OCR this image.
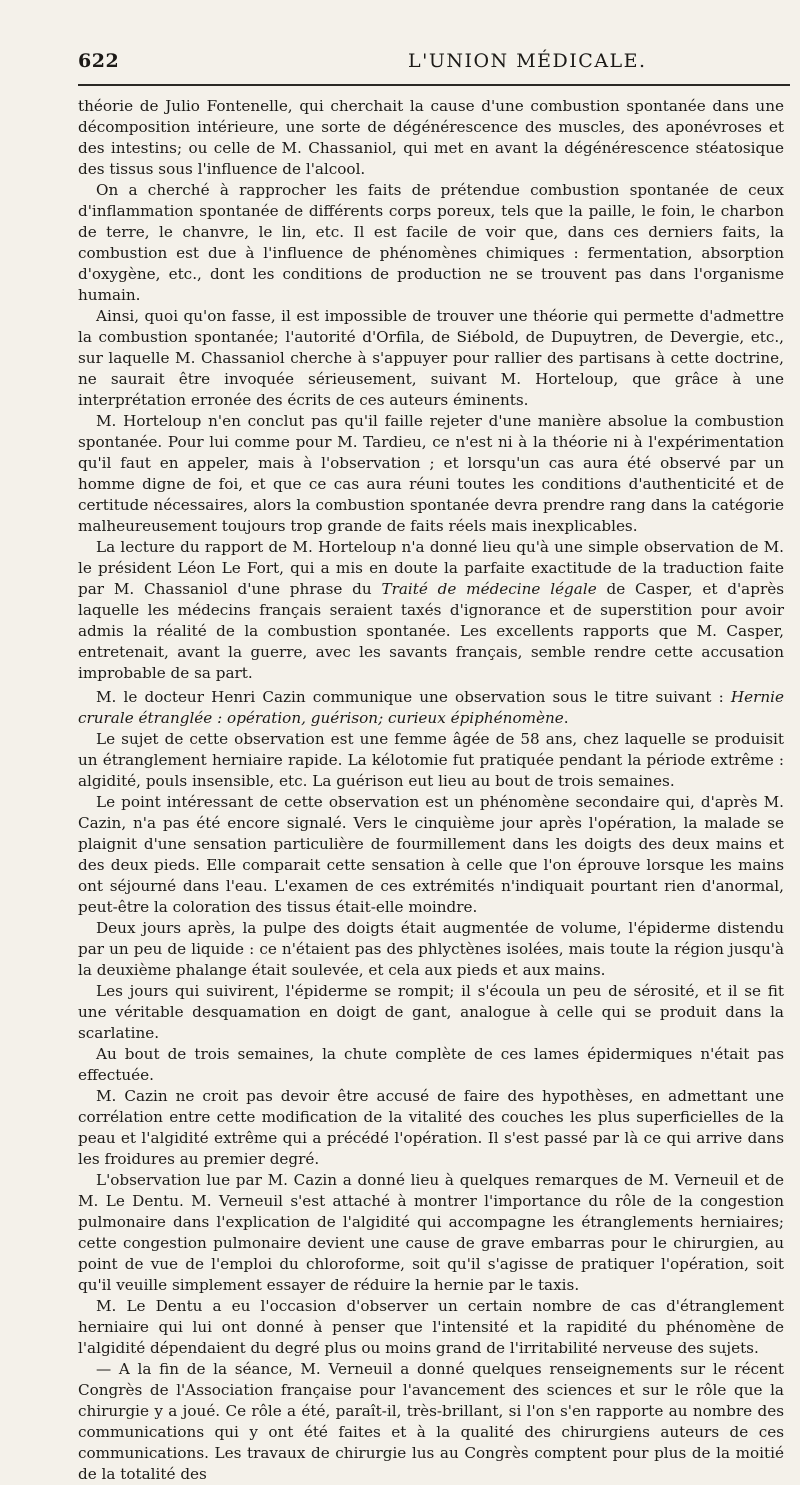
622	L'UNION MÉDICALE.

théorie de Julio Fontenelle, qui cherchait la cause d'une combustion spontanée dans une décomposition intérieure, une sorte de dégénérescence des muscles, des aponévroses et des intestins; ou celle de M. Chassaniol, qui met en avant la dégénérescence stéatosique des tissus sous l'influence de l'alcool.

On a cherché à rapprocher les faits de prétendue combustion spontanée de ceux d'inflammation spontanée de différents corps poreux, tels que la paille, le foin, le charbon de terre, le chanvre, le lin, etc. Il est facile de voir que, dans ces derniers faits, la combustion est due à l'influence de phénomènes chimiques : fermentation, absorption d'oxygène, etc., dont les conditions de production ne se trouvent pas dans l'organisme humain.

Ainsi, quoi qu'on fasse, il est impossible de trouver une théorie qui permette d'admettre la combustion spontanée; l'autorité d'Orfila, de Siébold, de Dupuytren, de Devergie, etc., sur laquelle M. Chassaniol cherche à s'appuyer pour rallier des partisans à cette doctrine, ne saurait être invoquée sérieusement, suivant M. Horteloup, que grâce à une interprétation erronée des écrits de ces auteurs éminents.

M. Horteloup n'en conclut pas qu'il faille rejeter d'une manière absolue la combustion spontanée. Pour lui comme pour M. Tardieu, ce n'est ni à la théorie ni à l'expérimentation qu'il faut en appeler, mais à l'observation ; et lorsqu'un cas aura été observé par un homme digne de foi, et que ce cas aura réuni toutes les conditions d'authenticité et de certitude nécessaires, alors la combustion spontanée devra prendre rang dans la catégorie malheureusement toujours trop grande de faits réels mais inexplicables.

La lecture du rapport de M. Horteloup n'a donné lieu qu'à une simple observation de M. le président Léon Le Fort, qui a mis en doute la parfaite exactitude de la traduction faite par M. Chassaniol d'une phrase du Traité de médecine légale de Casper, et d'après laquelle les médecins français seraient taxés d'ignorance et de superstition pour avoir admis la réalité de la combustion spontanée. Les excellents rapports que M. Casper, entretenait, avant la guerre, avec les savants français, semble rendre cette accusation improbable de sa part.

M. le docteur Henri Cazin communique une observation sous le titre suivant : Hernie crurale étranglée : opération, guérison; curieux épiphénomène.

Le sujet de cette observation est une femme âgée de 58 ans, chez laquelle se produisit un étranglement herniaire rapide. La kélotomie fut pratiquée pendant la période extrême : algidité, pouls insensible, etc. La guérison eut lieu au bout de trois semaines.

Le point intéressant de cette observation est un phénomène secondaire qui, d'après M. Cazin, n'a pas été encore signalé. Vers le cinquième jour après l'opération, la malade se plaignit d'une sensation particulière de fourmillement dans les doigts des deux mains et des deux pieds. Elle comparait cette sensation à celle que l'on éprouve lorsque les mains ont séjourné dans l'eau. L'examen de ces extrémités n'indiquait pourtant rien d'anormal, peut-être la coloration des tissus était-elle moindre.

Deux jours après, la pulpe des doigts était augmentée de volume, l'épiderme distendu par un peu de liquide : ce n'étaient pas des phlyctènes isolées, mais toute la région jusqu'à la deuxième phalange était soulevée, et cela aux pieds et aux mains.

Les jours qui suivirent, l'épiderme se rompit; il s'écoula un peu de sérosité, et il se fit une véritable desquamation en doigt de gant, analogue à celle qui se produit dans la scarlatine.

Au bout de trois semaines, la chute complète de ces lames épidermiques n'était pas effectuée.

M. Cazin ne croit pas devoir être accusé de faire des hypothèses, en admettant une corrélation entre cette modification de la vitalité des couches les plus superficielles de la peau et l'algidité extrême qui a précédé l'opération. Il s'est passé par là ce qui arrive dans les froidures au premier degré.

L'observation lue par M. Cazin a donné lieu à quelques remarques de M. Verneuil et de M. Le Dentu. M. Verneuil s'est attaché à montrer l'importance du rôle de la congestion pulmonaire dans l'explication de l'algidité qui accompagne les étranglements herniaires; cette congestion pulmonaire devient une cause de grave embarras pour le chirurgien, au point de vue de l'emploi du chloroforme, soit qu'il s'agisse de pratiquer l'opération, soit qu'il veuille simplement essayer de réduire la hernie par le taxis.

M. Le Dentu a eu l'occasion d'observer un certain nombre de cas d'étranglement herniaire qui lui ont donné à penser que l'intensité et la rapidité du phénomène de l'algidité dépendaient du degré plus ou moins grand de l'irritabilité nerveuse des sujets.

— A la fin de la séance, M. Verneuil a donné quelques renseignements sur le récent Congrès de l'Association française pour l'avancement des sciences et sur le rôle que la chirurgie y a joué. Ce rôle a été, paraît-il, très-brillant, si l'on s'en rapporte au nombre des communications qui y ont été faites et à la qualité des chirurgiens auteurs de ces communications. Les travaux de chirurgie lus au Congrès comptent pour plus de la moitié de la totalité des
